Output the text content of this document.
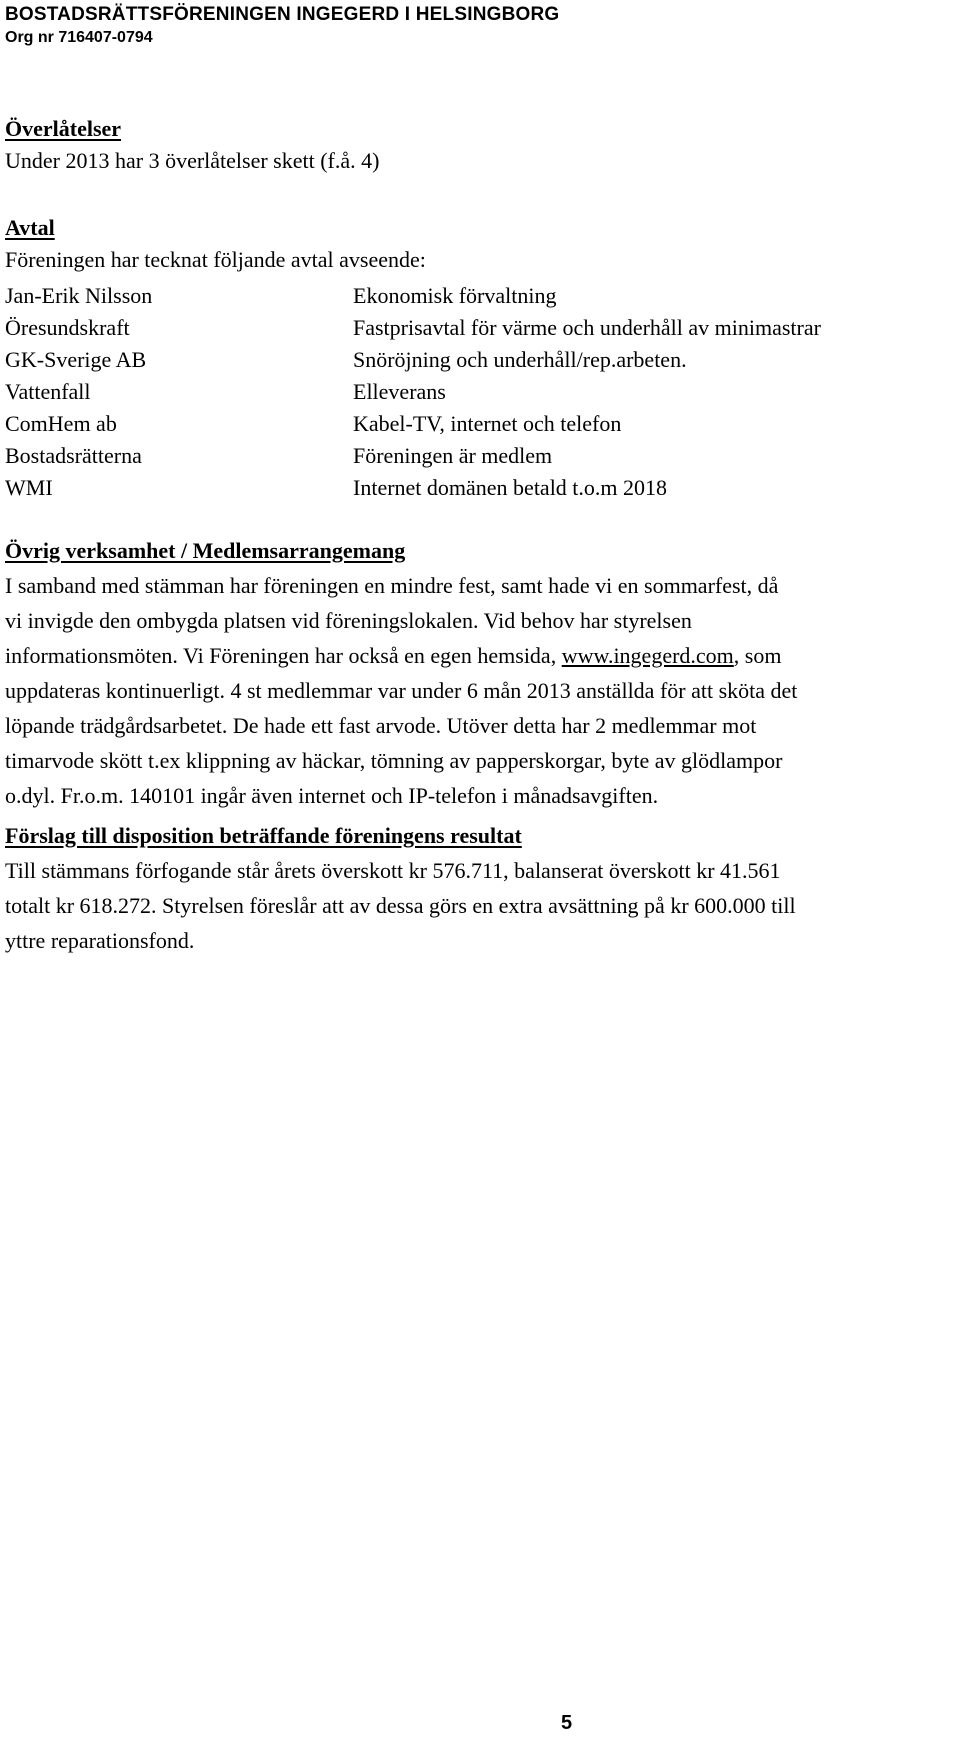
BOSTADSRÄTTSFÖRENINGEN INGEGERD I HELSINGBORG
Org nr 716407-0794
Överlåtelser
Under 2013 har 3 överlåtelser skett (f.å. 4)
Avtal
Föreningen har tecknat följande avtal avseende:
Jan-Erik Nilsson	Ekonomisk förvaltning
Öresundskraft	Fastprisavtal för värme och underhåll av minimastrar
GK-Sverige AB	Snöröjning och underhåll/rep.arbeten.
Vattenfall	Elleverans
ComHem ab	Kabel-TV, internet och telefon
Bostadsrätterna	Föreningen är medlem
WMI	Internet domänen betald t.o.m 2018
Övrig verksamhet / Medlemsarrangemang
I samband med stämman har föreningen en mindre fest, samt hade vi en sommarfest, då
vi invigde den ombygda platsen vid föreningslokalen. Vid behov har styrelsen
informationsmöten. Vi Föreningen har också en egen hemsida, www.ingegerd.com, som
uppdateras kontinuerligt. 4 st medlemmar var under 6 mån 2013 anställda för att sköta det
löpande trädgårdsarbetet. De hade ett fast arvode. Utöver detta har 2 medlemmar mot
timarvode skött t.ex klippning av häckar, tömning av papperskorgar, byte av glödlampor
o.dyl. Fr.o.m. 140101 ingår även internet och IP-telefon i månadsavgiften.
Förslag till disposition beträffande föreningens resultat
Till stämmans förfogande står årets överskott kr 576.711, balanserat överskott kr 41.561
totalt kr 618.272. Styrelsen föreslår att av dessa görs en extra avsättning på kr 600.000 till
yttre reparationsfond.
5
